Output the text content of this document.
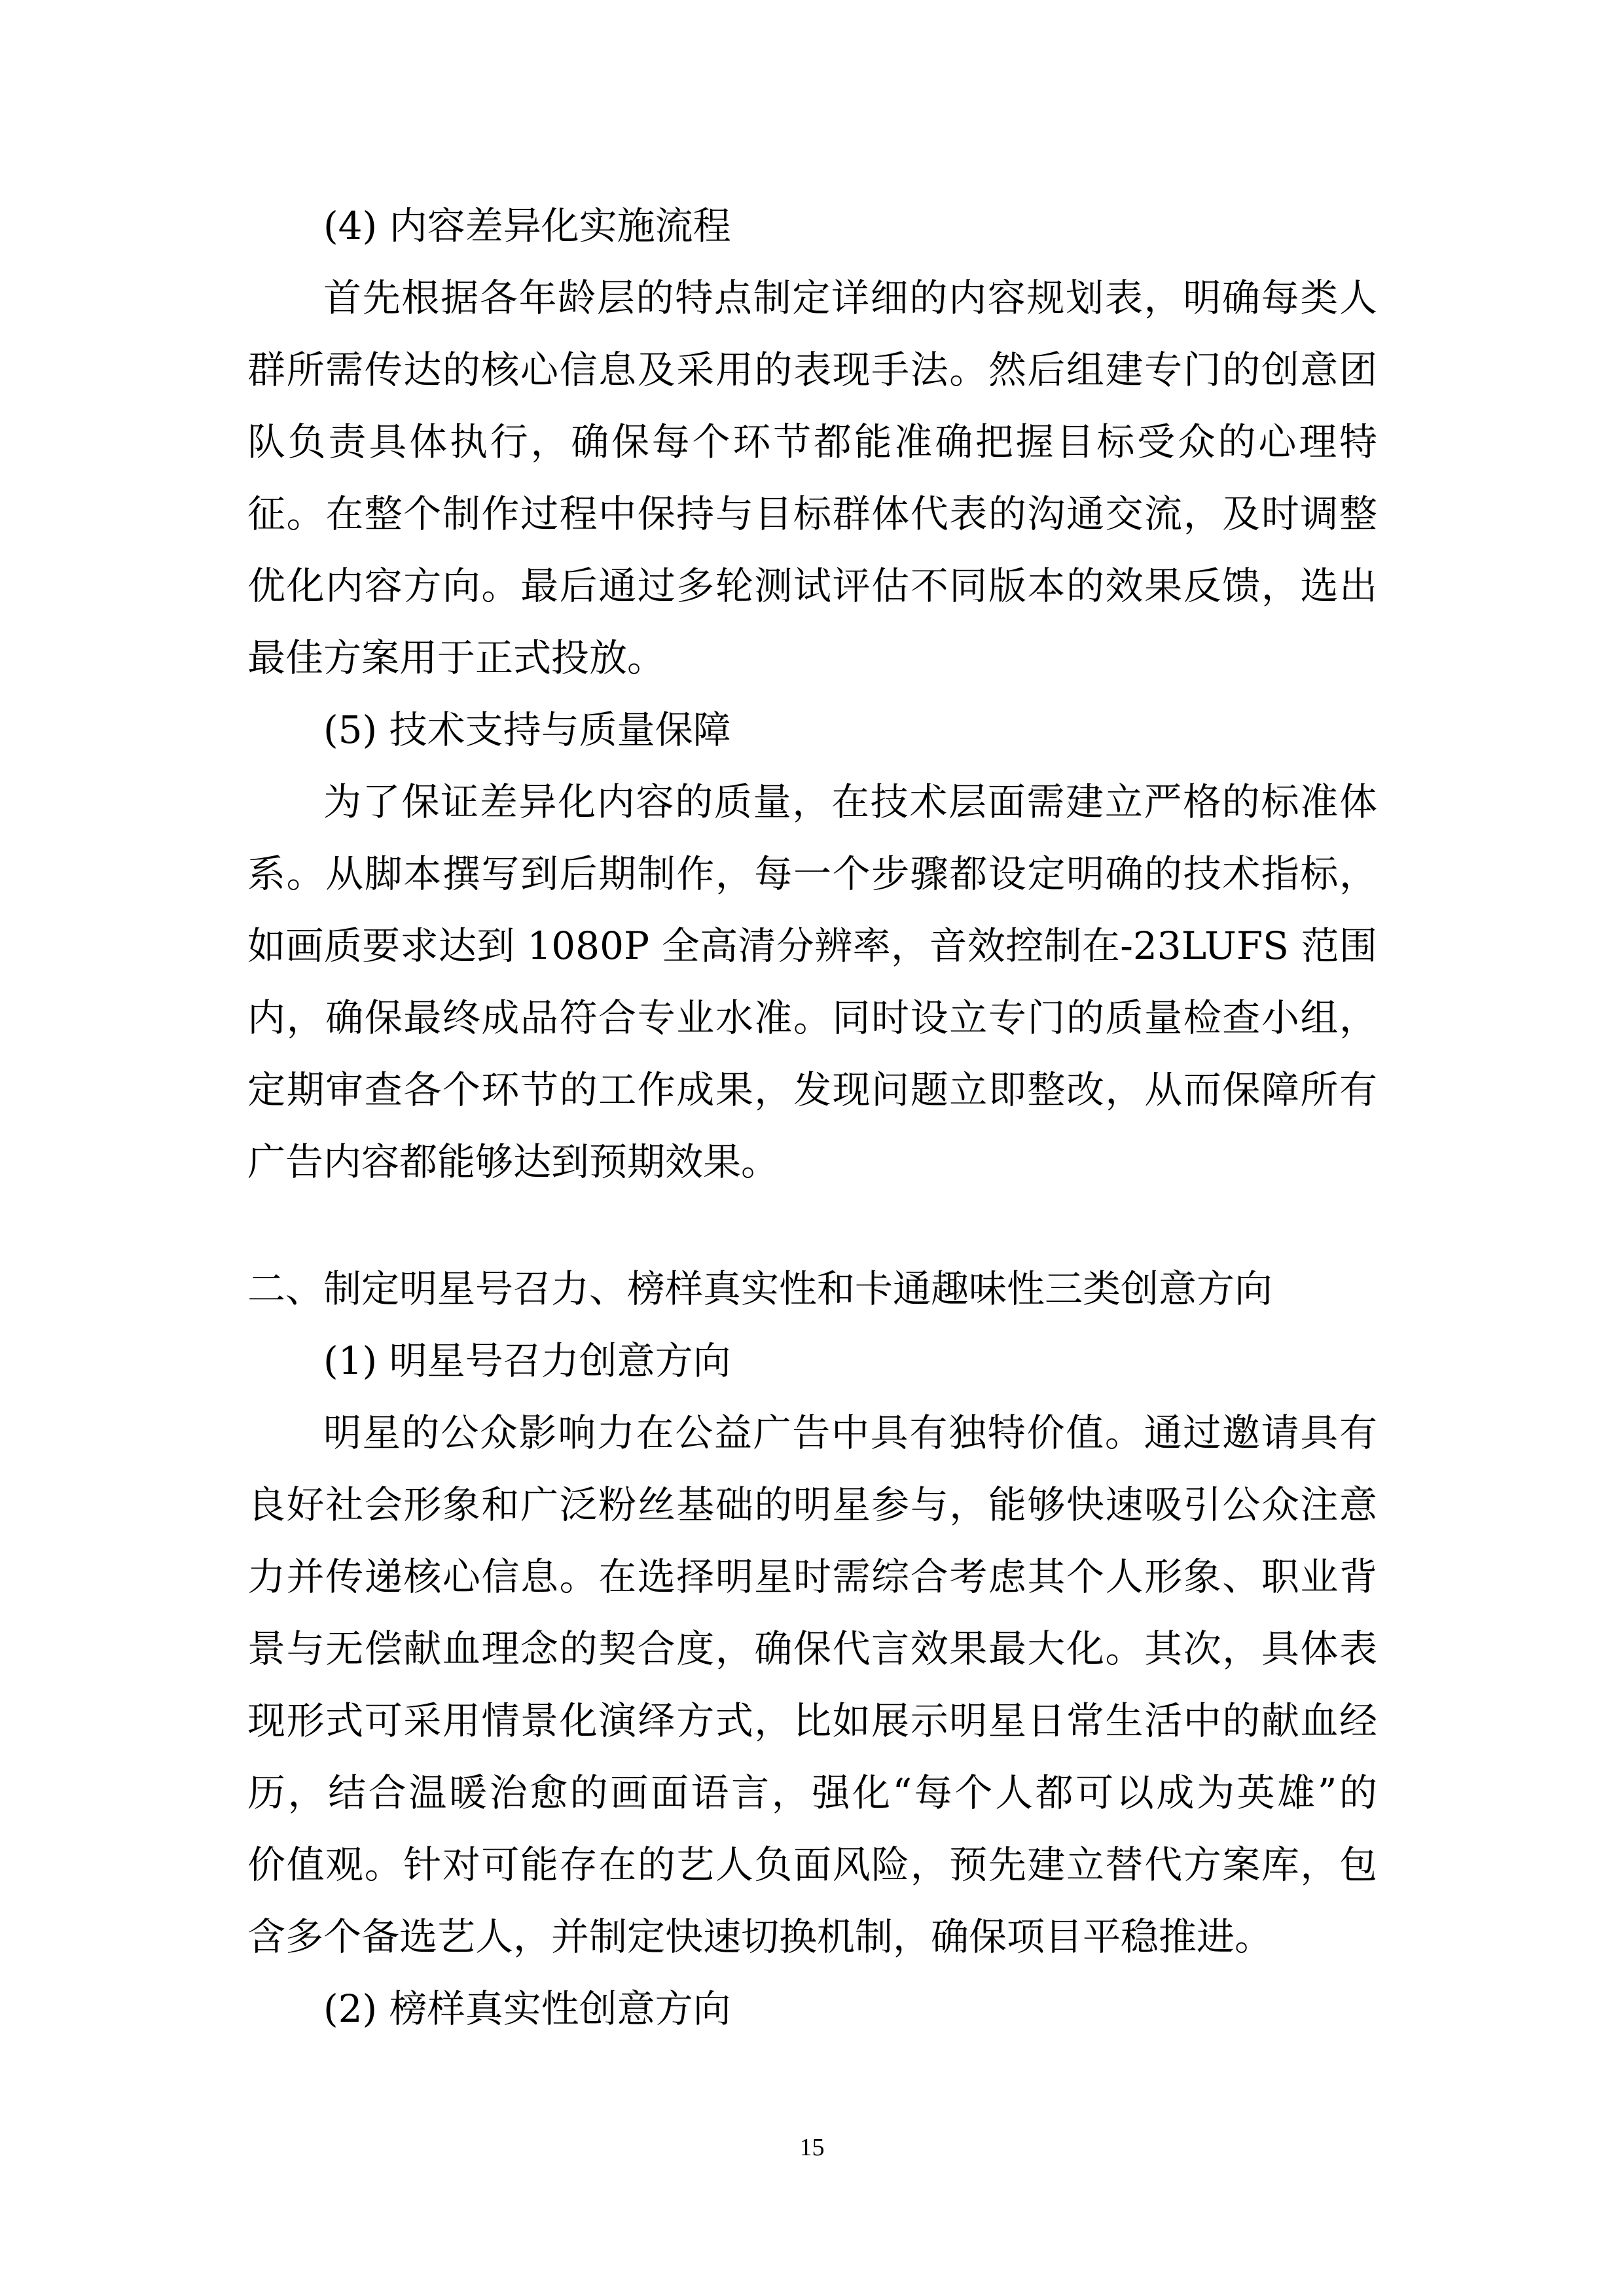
(4) 内容差异化实施流程
首先根据各年龄层的特点制定详细的内容规划表，明确每类人
群所需传达的核心信息及采用的表现手法。然后组建专门的创意团
队负责具体执行，确保每个环节都能准确把握目标受众的心理特
征。在整个制作过程中保持与目标群体代表的沟通交流，及时调整
优化内容方向。最后通过多轮测试评估不同版本的效果反馈，选出
最佳方案用于正式投放。
(5) 技术支持与质量保障
为了保证差异化内容的质量，在技术层面需建立严格的标准体
系。从脚本撰写到后期制作，每一个步骤都设定明确的技术指标，
如画质要求达到 1080P 全高清分辨率，音效控制在-23LUFS 范围
内，确保最终成品符合专业水准。同时设立专门的质量检查小组，
定期审查各个环节的工作成果，发现问题立即整改，从而保障所有
广告内容都能够达到预期效果。
二、制定明星号召力、榜样真实性和卡通趣味性三类创意方向
(1) 明星号召力创意方向
明星的公众影响力在公益广告中具有独特价值。通过邀请具有
良好社会形象和广泛粉丝基础的明星参与，能够快速吸引公众注意
力并传递核心信息。在选择明星时需综合考虑其个人形象、职业背
景与无偿献血理念的契合度，确保代言效果最大化。其次，具体表
现形式可采用情景化演绎方式，比如展示明星日常生活中的献血经
历，结合温暖治愈的画面语言，强化“每个人都可以成为英雄”的
价值观。针对可能存在的艺人负面风险，预先建立替代方案库，包
含多个备选艺人，并制定快速切换机制，确保项目平稳推进。
(2) 榜样真实性创意方向
15
